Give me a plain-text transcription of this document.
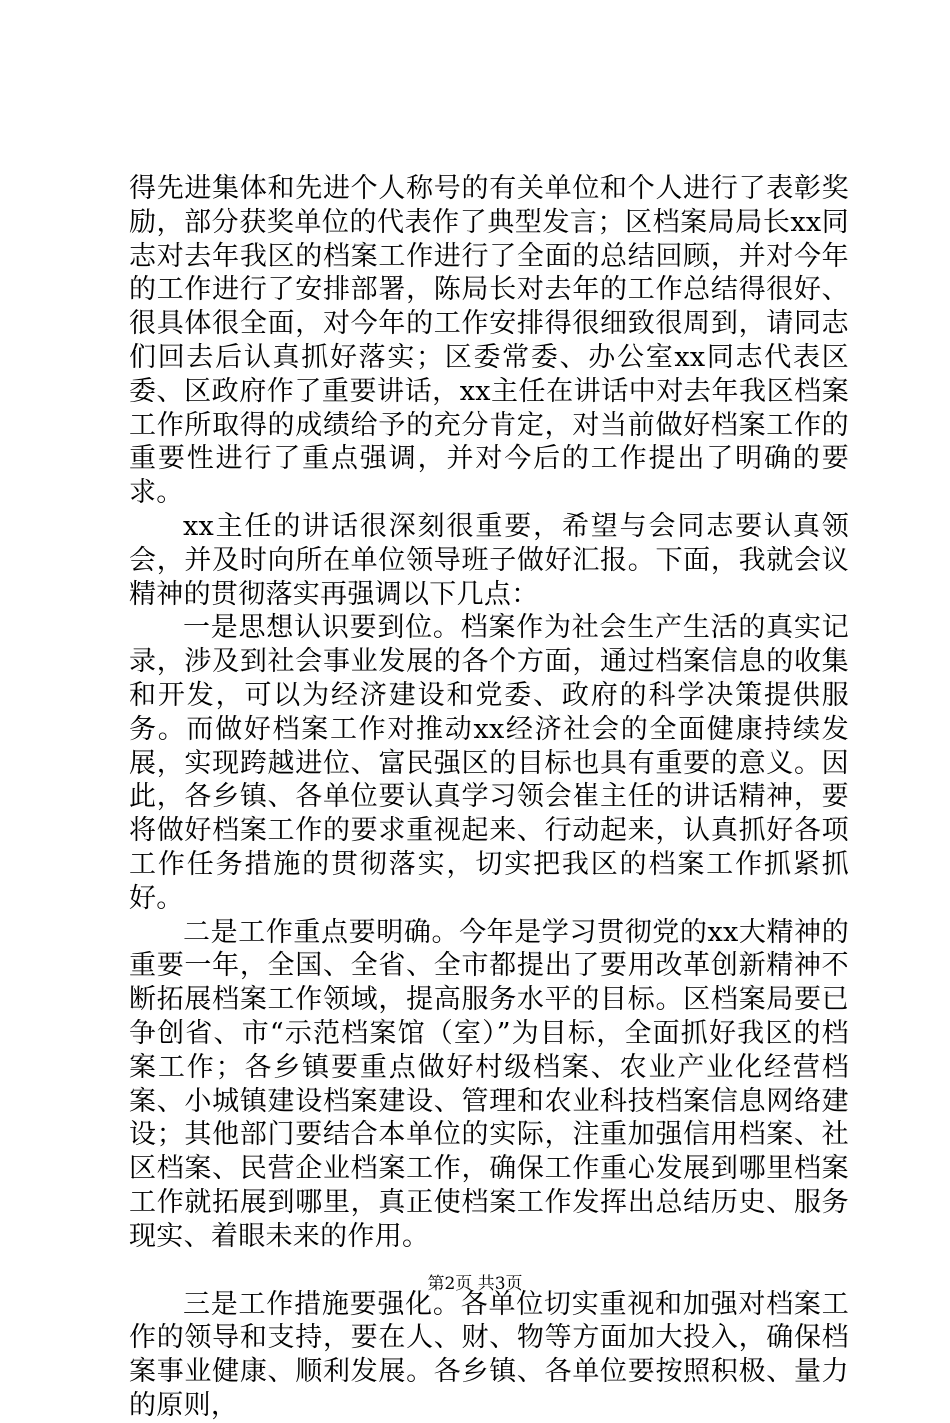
得先进集体和先进个人称号的有关单位和个人进行了表彰奖励，部分获奖单位的代表作了典型发言；区档案局局长xx同志对去年我区的档案工作进行了全面的总结回顾，并对今年的工作进行了安排部署，陈局长对去年的工作总结得很好、很具体很全面，对今年的工作安排得很细致很周到，请同志们回去后认真抓好落实；区委常委、办公室xx同志代表区委、区政府作了重要讲话，xx主任在讲话中对去年我区档案工作所取得的成绩给予的充分肯定，对当前做好档案工作的重要性进行了重点强调，并对今后的工作提出了明确的要求。

xx主任的讲话很深刻很重要，希望与会同志要认真领会，并及时向所在单位领导班子做好汇报。下面，我就会议精神的贯彻落实再强调以下几点：

一是思想认识要到位。档案作为社会生产生活的真实记录，涉及到社会事业发展的各个方面，通过档案信息的收集和开发，可以为经济建设和党委、政府的科学决策提供服务。而做好档案工作对推动xx经济社会的全面健康持续发展，实现跨越进位、富民强区的目标也具有重要的意义。因此，各乡镇、各单位要认真学习领会崔主任的讲话精神，要将做好档案工作的要求重视起来、行动起来，认真抓好各项工作任务措施的贯彻落实，切实把我区的档案工作抓紧抓好。

二是工作重点要明确。今年是学习贯彻党的xx大精神的重要一年，全国、全省、全市都提出了要用改革创新精神不断拓展档案工作领域，提高服务水平的目标。区档案局要已争创省、市“示范档案馆（室）”为目标，全面抓好我区的档案工作；各乡镇要重点做好村级档案、农业产业化经营档案、小城镇建设档案建设、管理和农业科技档案信息网络建设；其他部门要结合本单位的实际，注重加强信用档案、社区档案、民营企业档案工作，确保工作重心发展到哪里档案工作就拓展到哪里，真正使档案工作发挥出总结历史、服务现实、着眼未来的作用。

三是工作措施要强化。各单位切实重视和加强对档案工作的领导和支持，要在人、财、物等方面加大投入，确保档案事业健康、顺利发展。各乡镇、各单位要按照积极、量力的原则，

第2页 共3页
